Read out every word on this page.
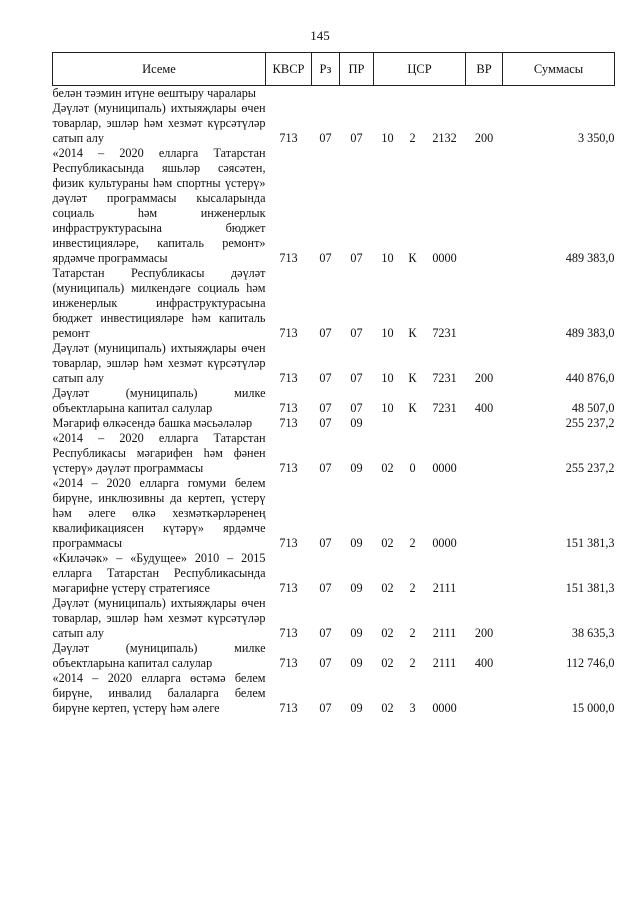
145
Исеме	КВСР	Рз	ПР	ЦСР			ВР	Суммасы
белән тәэмин итүне өештыру чаралары								
Дәүләт (муниципаль) ихтыяҗлары өчен товарлар, эшләр һәм хезмәт күрсәтүләр сатып алу	713	07	07	10	2	2132	200	3 350,0
«2014 – 2020 елларга Татарстан Республикасында яшьләр сәясәтен, физик культураны һәм спортны үстерү» дәүләт программасы кысаларында социаль һәм инженерлык инфраструктурасына бюджет инвестицияләре, капиталь ремонт» ярдәмче программасы	713	07	07	10	К	0000		489 383,0
Татарстан Республикасы дәүләт (муниципаль) милкендәге социаль һәм инженерлык инфраструктурасына бюджет инвестицияләре һәм капиталь ремонт	713	07	07	10	К	7231		489 383,0
Дәүләт (муниципаль) ихтыяҗлары өчен товарлар, эшләр һәм хезмәт күрсәтүләр сатып алу	713	07	07	10	К	7231	200	440 876,0
Дәүләт (муниципаль) милке объектларына капитал салулар	713	07	07	10	К	7231	400	48 507,0
Мәгариф өлкәсендә башка мәсьәләләр	713	07	09					255 237,2
«2014 – 2020 елларга Татарстан Республикасы мәгарифен һәм фәнен үстерү» дәүләт программасы	713	07	09	02	0	0000		255 237,2
«2014 – 2020 елларга гомуми белем бирүне, инклюзивны да кертеп, үстерү һәм әлеге өлкә хезмәткәрләренең квалификациясен күтәрү» ярдәмче программасы	713	07	09	02	2	0000		151 381,3
«Киләчәк» – «Будущее» 2010 – 2015 елларга Татарстан Республикасында мәгарифне үстерү стратегиясе	713	07	09	02	2	2111		151 381,3
Дәүләт (муниципаль) ихтыяҗлары өчен товарлар, эшләр һәм хезмәт күрсәтүләр сатып алу	713	07	09	02	2	2111	200	38 635,3
Дәүләт (муниципаль) милке объектларына капитал салулар	713	07	09	02	2	2111	400	112 746,0
«2014 – 2020 елларга өстәмә белем бирүне, инвалид балаларга белем бирүне кертеп, үстерү һәм әлеге	713	07	09	02	3	0000		15 000,0
